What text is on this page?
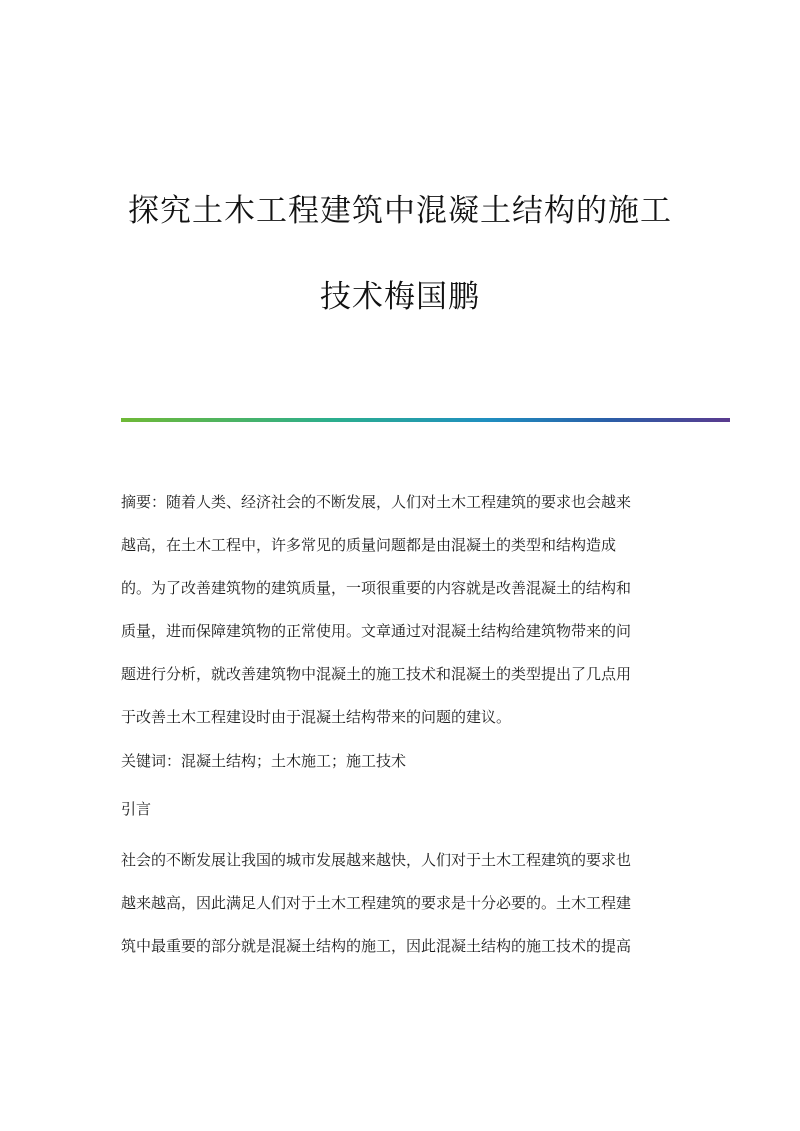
探究土木工程建筑中混凝土结构的施工
技术梅国鹏
摘要：随着人类、经济社会的不断发展，人们对土木工程建筑的要求也会越来
越高，在土木工程中，许多常见的质量问题都是由混凝土的类型和结构造成
的。为了改善建筑物的建筑质量，一项很重要的内容就是改善混凝土的结构和
质量，进而保障建筑物的正常使用。文章通过对混凝土结构给建筑物带来的问
题进行分析，就改善建筑物中混凝土的施工技术和混凝土的类型提出了几点用
于改善土木工程建设时由于混凝土结构带来的问题的建议。
关键词：混凝土结构；土木施工；施工技术
引言
社会的不断发展让我国的城市发展越来越快，人们对于土木工程建筑的要求也
越来越高，因此满足人们对于土木工程建筑的要求是十分必要的。土木工程建
筑中最重要的部分就是混凝土结构的施工，因此混凝土结构的施工技术的提高
